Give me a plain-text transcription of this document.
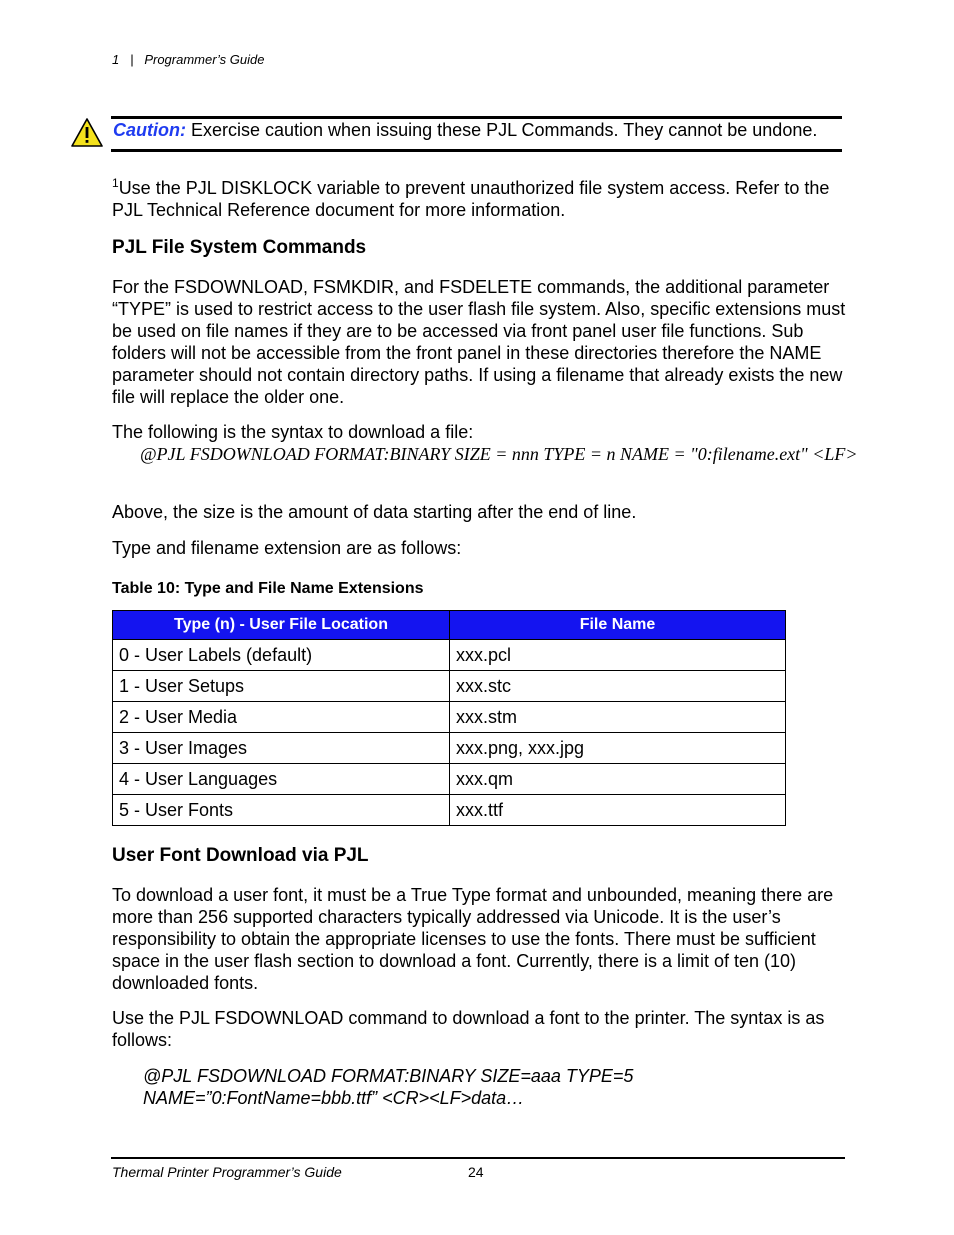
1 | Programmer’s Guide
Caution: Exercise caution when issuing these PJL Commands. They cannot be undone.
$^1$Use the PJL DISKLOCK variable to prevent unauthorized file system access. Refer to the PJL Technical Reference document for more information.
PJL File System Commands
For the FSDOWNLOAD, FSMKDIR, and FSDELETE commands, the additional parameter “TYPE” is used to restrict access to the user flash file system. Also, specific extensions must be used on file names if they are to be accessed via front panel user file functions. Sub folders will not be accessible from the front panel in these directories therefore the NAME parameter should not contain directory paths. If using a filename that already exists the new file will replace the older one.
The following is the syntax to download a file:
@PJL FSDOWNLOAD FORMAT:BINARY SIZE = nnn TYPE = n NAME = "0:filename.ext" <LF>
Above, the size is the amount of data starting after the end of line.
Type and filename extension are as follows:
Table 10: Type and File Name Extensions
Type (n) - User File Location	File Name
0 - User Labels (default)	xxx.pcl
1 - User Setups	xxx.stc
2 - User Media	xxx.stm
3 - User Images	xxx.png, xxx.jpg
4 - User Languages	xxx.qm
5 - User Fonts	xxx.ttf
User Font Download via PJL
To download a user font, it must be a True Type format and unbounded, meaning there are more than 256 supported characters typically addressed via Unicode. It is the user’s responsibility to obtain the appropriate licenses to use the fonts. There must be sufficient space in the user flash section to download a font. Currently, there is a limit of ten (10) downloaded fonts.
Use the PJL FSDOWNLOAD command to download a font to the printer. The syntax is as follows:
@PJL FSDOWNLOAD FORMAT:BINARY SIZE=aaa TYPE=5
NAME=”0:FontName=bbb.ttf” <CR><LF>data…
Thermal Printer Programmer’s Guide	24
